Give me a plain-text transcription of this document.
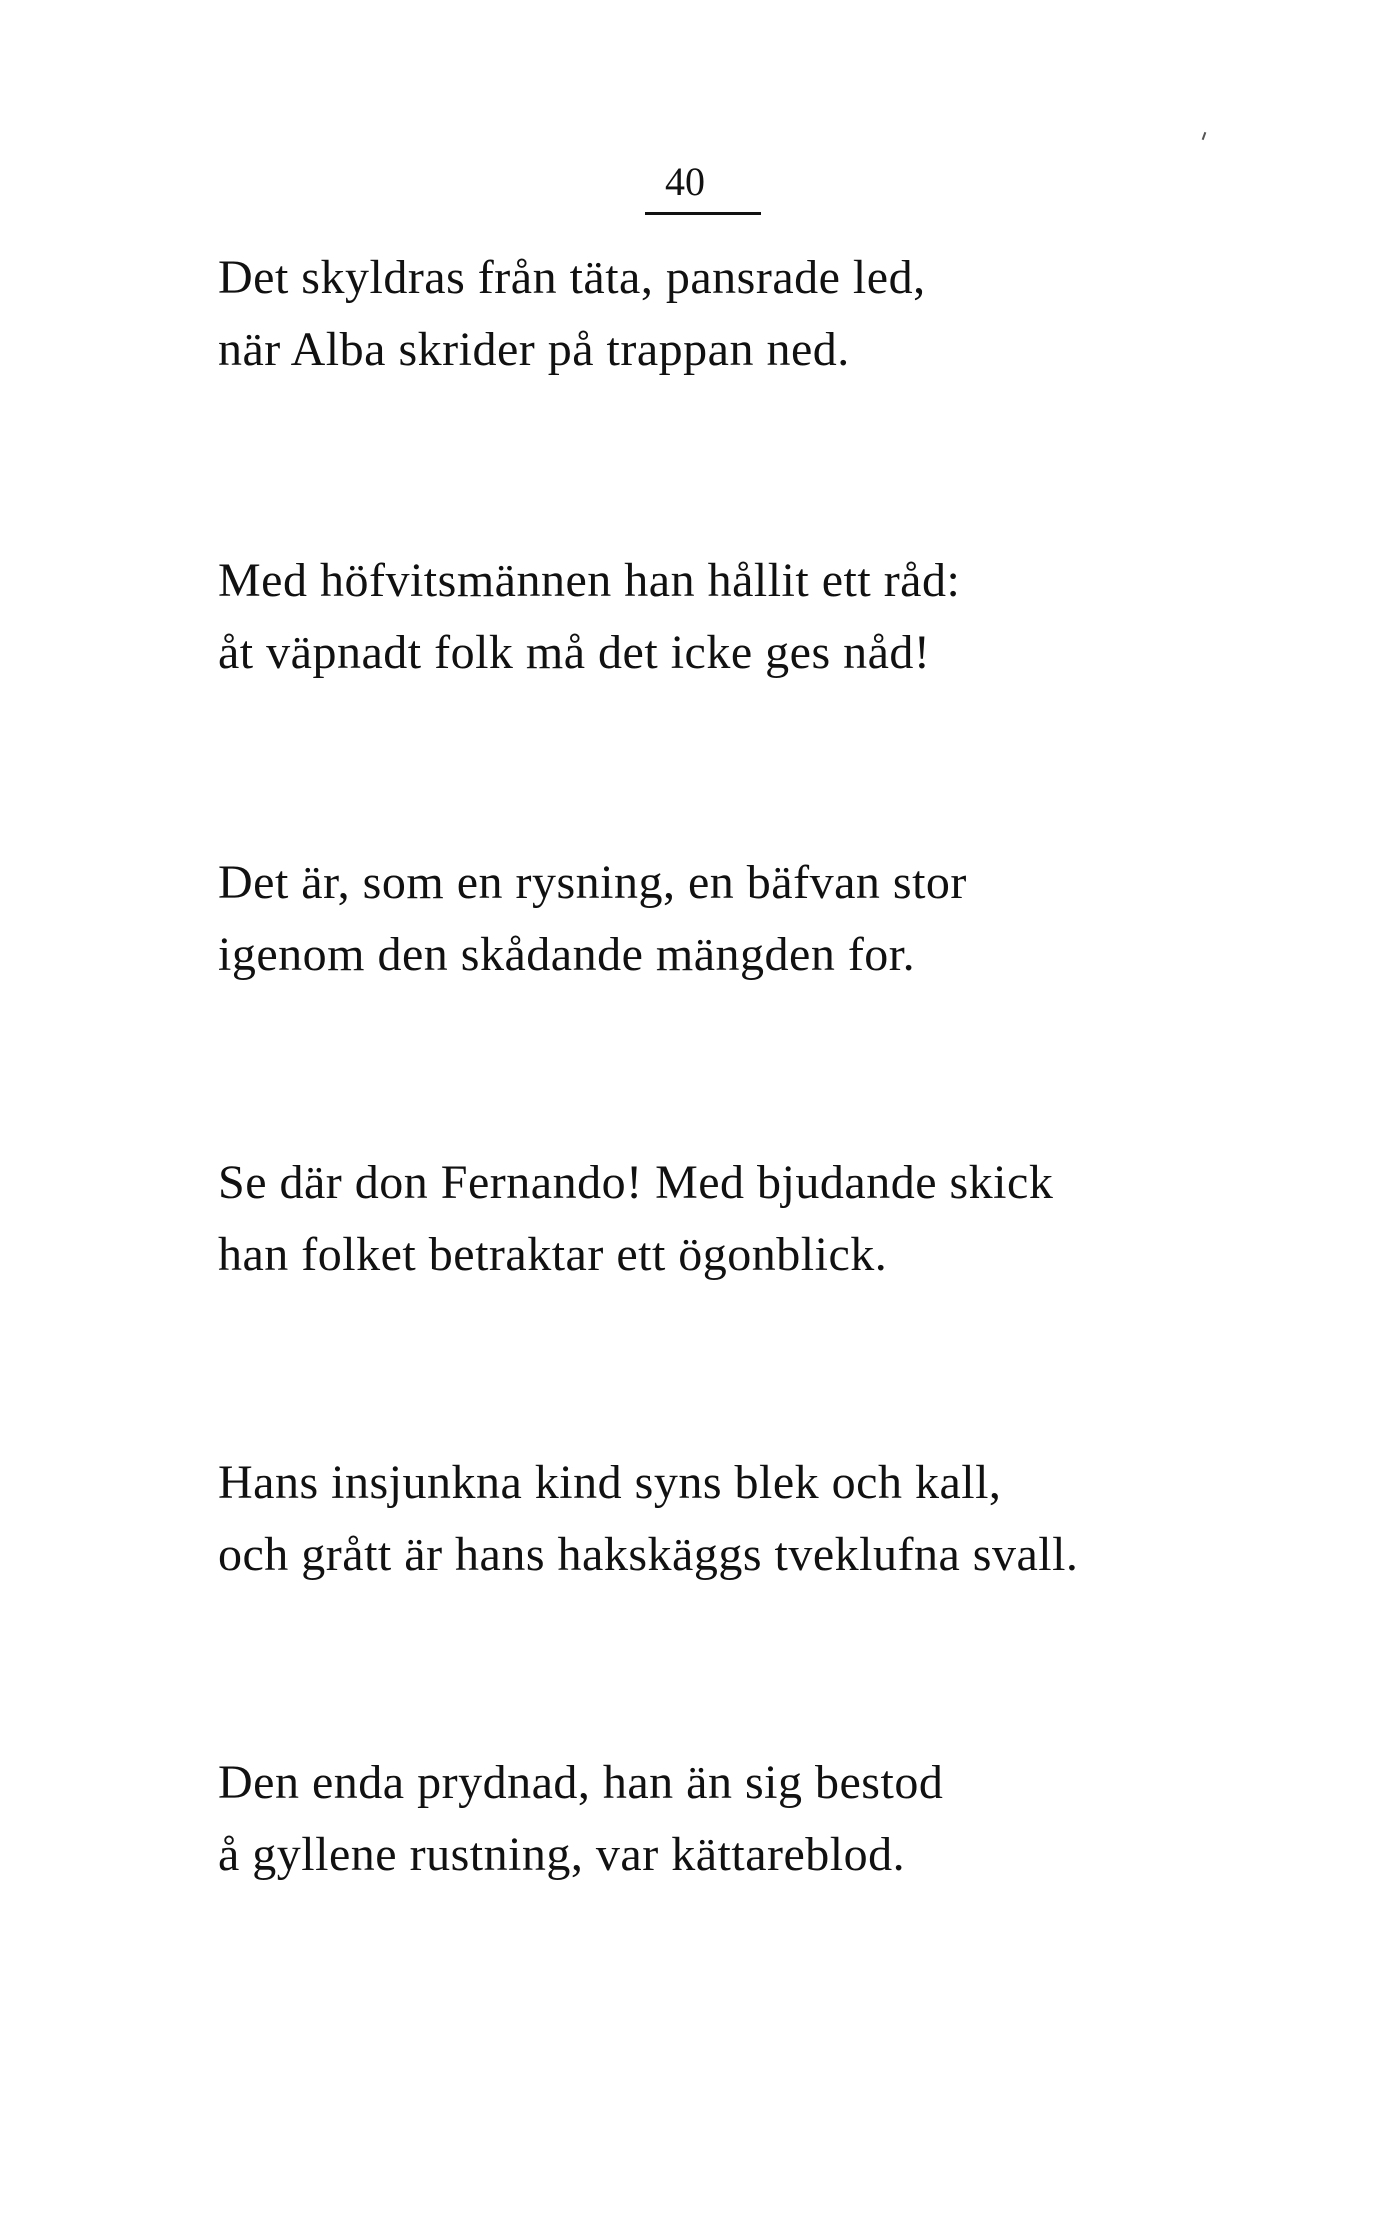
40
Det skyldras från täta, pansrade led,
när Alba skrider på trappan ned.
Med höfvitsmännen han hållit ett råd:
åt väpnadt folk må det icke ges nåd!
Det är, som en rysning, en bäfvan stor
igenom den skådande mängden for.
Se där don Fernando! Med bjudande skick
han folket betraktar ett ögonblick.
Hans insjunkna kind syns blek och kall,
och grått är hans hakskäggs tveklufna svall.
Den enda prydnad, han än sig bestod
å gyllene rustning, var kättareblod.
